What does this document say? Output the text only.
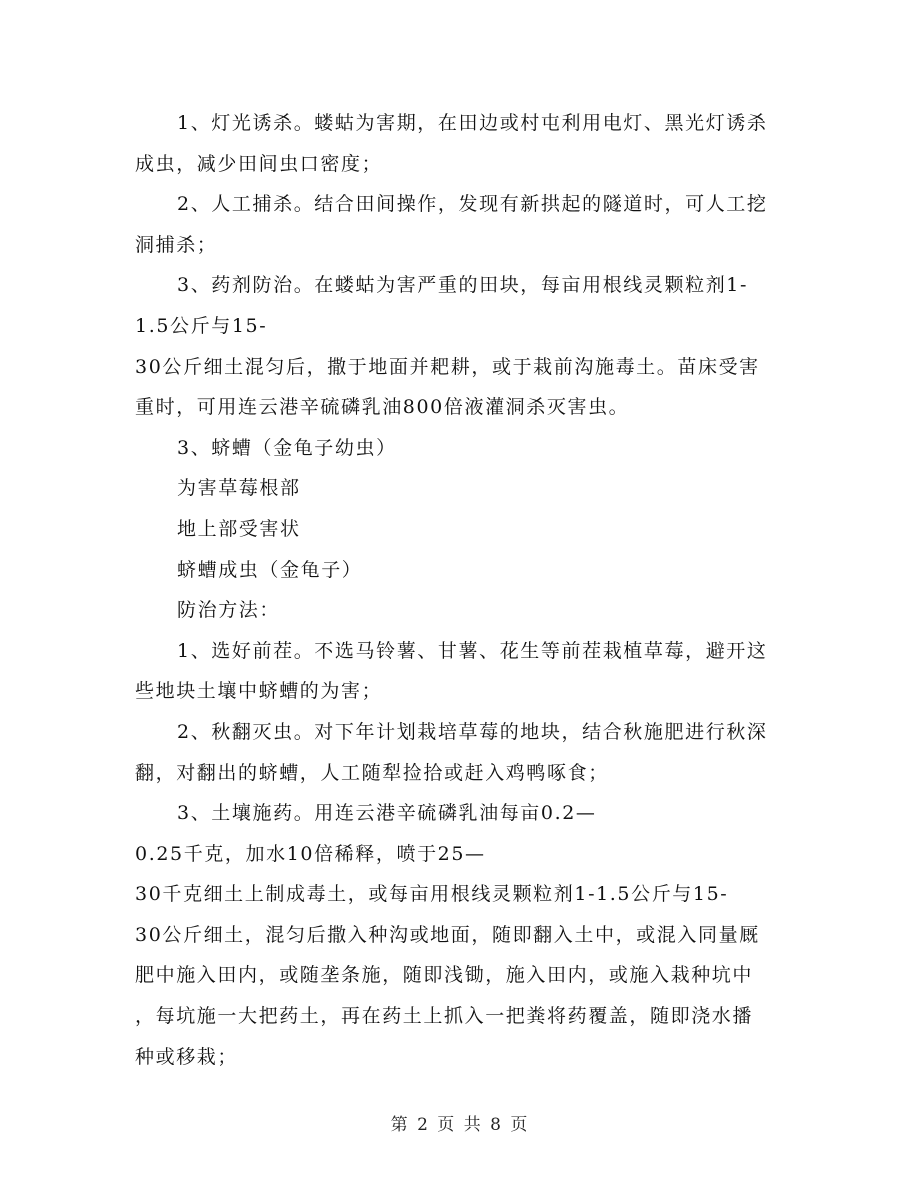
1、灯光诱杀。蝼蛄为害期，在田边或村屯利用电灯、黑光灯诱杀
成虫，减少田间虫口密度；
2、人工捕杀。结合田间操作，发现有新拱起的隧道时，可人工挖
洞捕杀；
3、药剂防治。在蝼蛄为害严重的田块，每亩用根线灵颗粒剂1-
1.5公斤与15-
30公斤细土混匀后，撒于地面并耙耕，或于栽前沟施毒土。苗床受害
重时，可用连云港辛硫磷乳油800倍液灌洞杀灭害虫。
3、蛴螬（金龟子幼虫）
为害草莓根部
地上部受害状
蛴螬成虫（金龟子）
防治方法：
1、选好前茬。不选马铃薯、甘薯、花生等前茬栽植草莓，避开这
些地块土壤中蛴螬的为害；
2、秋翻灭虫。对下年计划栽培草莓的地块，结合秋施肥进行秋深
翻，对翻出的蛴螬，人工随犁捡拾或赶入鸡鸭啄食；
3、土壤施药。用连云港辛硫磷乳油每亩0.2—
0.25千克，加水10倍稀释，喷于25—
30千克细土上制成毒土，或每亩用根线灵颗粒剂1-1.5公斤与15-
30公斤细土，混匀后撒入种沟或地面，随即翻入土中，或混入同量厩
肥中施入田内，或随垄条施，随即浅锄，施入田内，或施入栽种坑中
，每坑施一大把药土，再在药土上抓入一把粪将药覆盖，随即浇水播
种或移栽；
第 2 页 共 8 页
